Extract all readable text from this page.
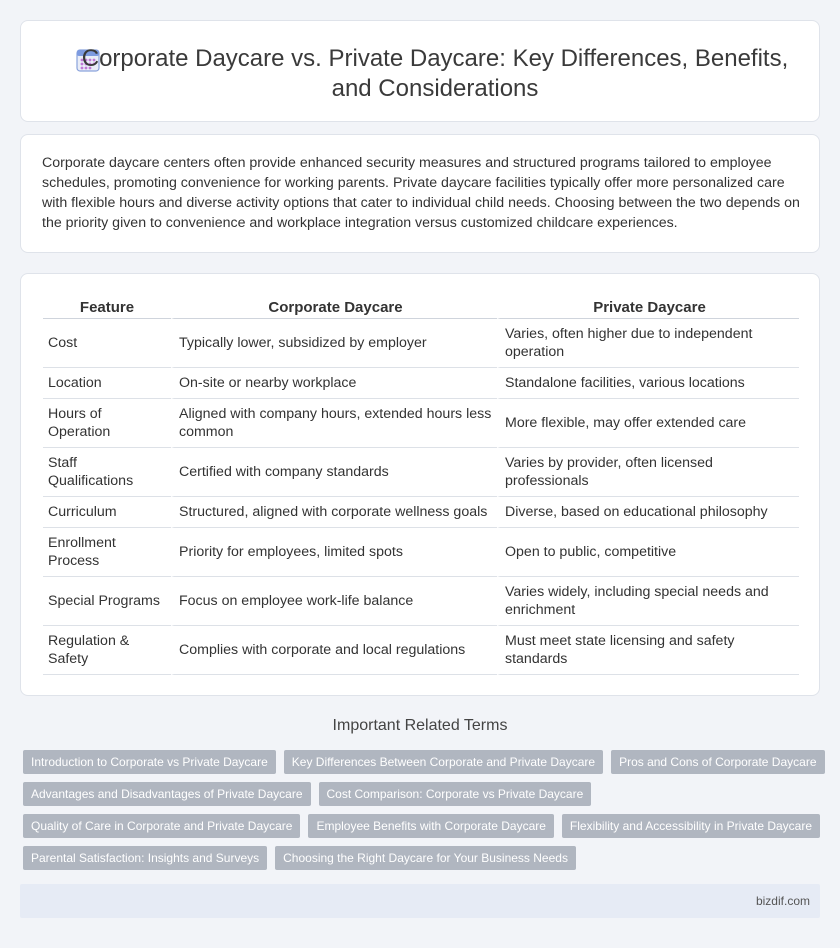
Corporate Daycare vs. Private Daycare: Key Differences, Benefits, and Considerations

Corporate daycare centers often provide enhanced security measures and structured programs tailored to employee schedules, promoting convenience for working parents. Private daycare facilities typically offer more personalized care with flexible hours and diverse activity options that cater to individual child needs. Choosing between the two depends on the priority given to convenience and workplace integration versus customized childcare experiences.

Feature	Corporate Daycare	Private Daycare
Cost	Typically lower, subsidized by employer	Varies, often higher due to independent operation
Location	On-site or nearby workplace	Standalone facilities, various locations
Hours of Operation	Aligned with company hours, extended hours less common	More flexible, may offer extended care
Staff Qualifications	Certified with company standards	Varies by provider, often licensed professionals
Curriculum	Structured, aligned with corporate wellness goals	Diverse, based on educational philosophy
Enrollment Process	Priority for employees, limited spots	Open to public, competitive
Special Programs	Focus on employee work-life balance	Varies widely, including special needs and enrichment
Regulation & Safety	Complies with corporate and local regulations	Must meet state licensing and safety standards
Important Related Terms
Introduction to Corporate vs Private Daycare	Key Differences Between Corporate and Private Daycare	Pros and Cons of Corporate Daycare
Advantages and Disadvantages of Private Daycare	Cost Comparison: Corporate vs Private Daycare
Quality of Care in Corporate and Private Daycare	Employee Benefits with Corporate Daycare	Flexibility and Accessibility in Private Daycare
Parental Satisfaction: Insights and Surveys	Choosing the Right Daycare for Your Business Needs
bizdif.com
